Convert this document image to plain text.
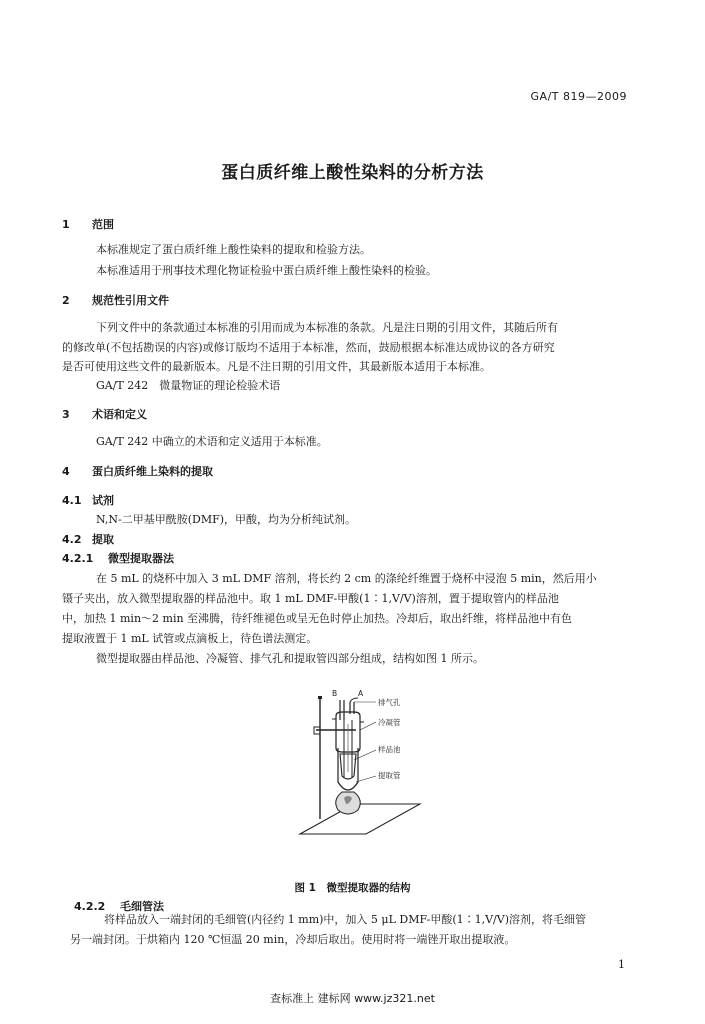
GA/T 819—2009
蛋白质纤维上酸性染料的分析方法
1 范围
本标准规定了蛋白质纤维上酸性染料的提取和检验方法。
本标准适用于刑事技术理化物证检验中蛋白质纤维上酸性染料的检验。
2 规范性引用文件
下列文件中的条款通过本标准的引用而成为本标准的条款。凡是注日期的引用文件，其随后所有
的修改单(不包括勘误的内容)或修订版均不适用于本标准，然而，鼓励根据本标准达成协议的各方研究
是否可使用这些文件的最新版本。凡是不注日期的引用文件，其最新版本适用于本标准。
GA/T 242　微量物证的理论检验术语
3 术语和定义
GA/T 242 中确立的术语和定义适用于本标准。
4 蛋白质纤维上染料的提取
4.1 试剂
N,N-二甲基甲酰胺(DMF)，甲酸，均为分析纯试剂。
4.2 提取
4.2.1 微型提取器法
在 5 mL 的烧杯中加入 3 mL DMF 溶剂，将长约 2 cm 的涤纶纤维置于烧杯中浸泡 5 min，然后用小
镊子夹出，放入微型提取器的样品池中。取 1 mL DMF-甲酸(1∶1,V/V)溶剂，置于提取管内的样品池
中，加热 1 min～2 min 至沸腾，待纤维褪色或呈无色时停止加热。冷却后，取出纤维，将样品池中有色
提取液置于 1 mL 试管或点滴板上，待色谱法测定。
微型提取器由样品池、冷凝管、排气孔和提取管四部分组成，结构如图 1 所示。
B	A
排气孔
冷凝管
样品池
提取管
图 1　微型提取器的结构
4.2.2 毛细管法
将样品放入一端封闭的毛细管(内径约 1 mm)中，加入 5 μL DMF-甲酸(1∶1,V/V)溶剂，将毛细管
另一端封闭。于烘箱内 120 ℃恒温 20 min，冷却后取出。使用时将一端锉开取出提取液。
1
查标准上 建标网 www.jz321.net
